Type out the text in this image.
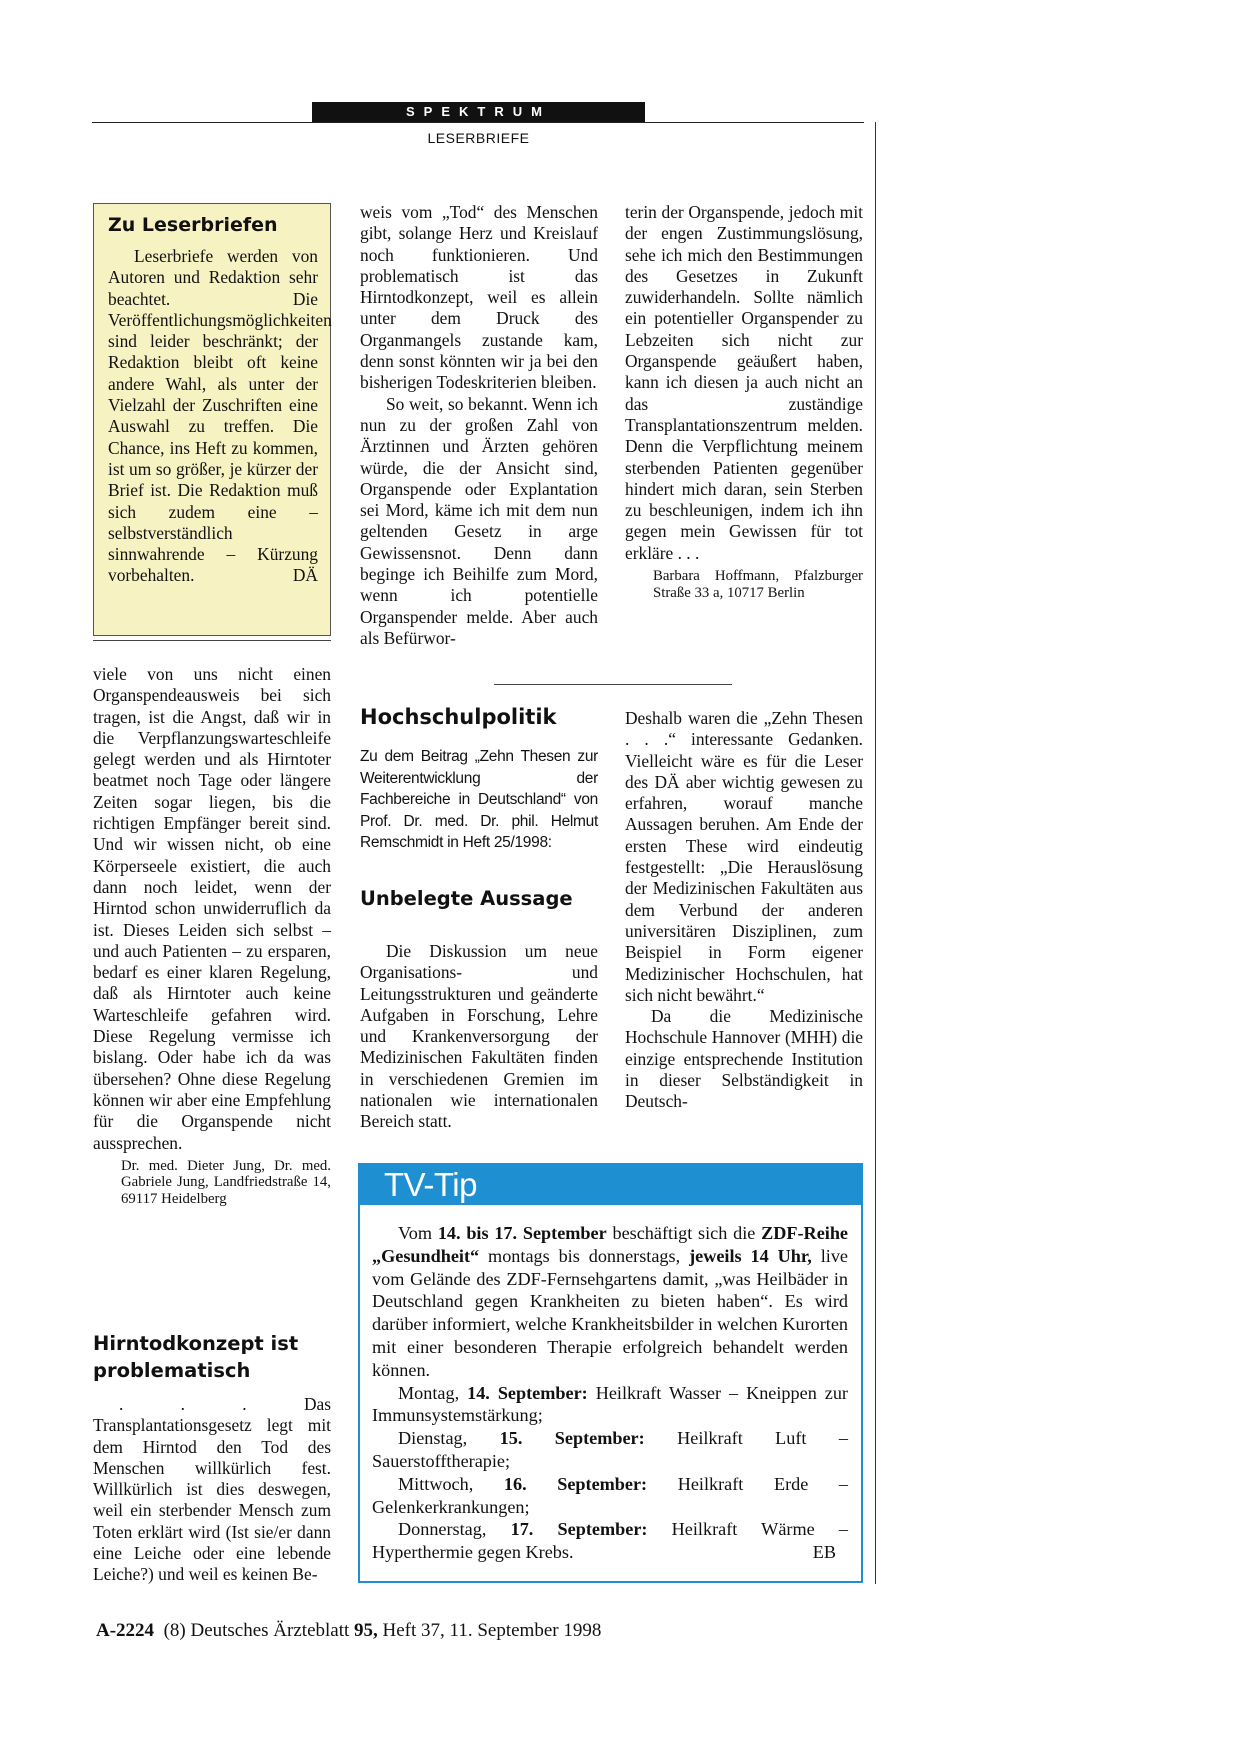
SPEKTRUM
LESERBRIEFE
Zu Leserbriefen

Leserbriefe werden von Autoren und Redaktion sehr beachtet. Die Veröffentlichungsmöglichkeiten sind leider beschränkt; der Redaktion bleibt oft keine andere Wahl, als unter der Vielzahl der Zuschriften eine Auswahl zu treffen. Die Chance, ins Heft zu kommen, ist um so größer, je kürzer der Brief ist. Die Redaktion muß sich zudem eine – selbstverständlich sinnwahrende – Kürzung vorbehalten.	DÄ

viele von uns nicht einen Organspendeausweis bei sich tragen, ist die Angst, daß wir in die Verpflanzungswarteschleife gelegt werden und als Hirntoter beatmet noch Tage oder längere Zeiten sogar liegen, bis die richtigen Empfänger bereit sind. Und wir wissen nicht, ob eine Körperseele existiert, die auch dann noch leidet, wenn der Hirntod schon unwiderruflich da ist. Dieses Leiden sich selbst – und auch Patienten – zu ersparen, bedarf es einer klaren Regelung, daß als Hirntoter auch keine Warteschleife gefahren wird. Diese Regelung vermisse ich bislang. Oder habe ich da was übersehen? Ohne diese Regelung können wir aber eine Empfehlung für die Organspende nicht aussprechen.

Dr. med. Dieter Jung, Dr. med. Gabriele Jung, Landfriedstraße 14, 69117 Heidelberg

Hirntodkonzept ist problematisch

. . . Das Transplantationsgesetz legt mit dem Hirntod den Tod des Menschen willkürlich fest. Willkürlich ist dies deswegen, weil ein sterbender Mensch zum Toten erklärt wird (Ist sie/er dann eine Leiche oder eine lebende Leiche?) und weil es keinen Be-

weis vom „Tod“ des Menschen gibt, solange Herz und Kreislauf noch funktionieren. Und problematisch ist das Hirntodkonzept, weil es allein unter dem Druck des Organmangels zustande kam, denn sonst könnten wir ja bei den bisherigen Todeskriterien bleiben.

So weit, so bekannt. Wenn ich nun zu der großen Zahl von Ärztinnen und Ärzten gehören würde, die der Ansicht sind, Organspende oder Explantation sei Mord, käme ich mit dem nun geltenden Gesetz in arge Gewissensnot. Denn dann beginge ich Beihilfe zum Mord, wenn ich potentielle Organspender melde. Aber auch als Befürwor-

terin der Organspende, jedoch mit der engen Zustimmungslösung, sehe ich mich den Bestimmungen des Gesetzes in Zukunft zuwiderhandeln. Sollte nämlich ein potentieller Organspender zu Lebzeiten sich nicht zur Organspende geäußert haben, kann ich diesen ja auch nicht an das zuständige Transplantationszentrum melden. Denn die Verpflichtung meinem sterbenden Patienten gegenüber hindert mich daran, sein Sterben zu beschleunigen, indem ich ihn gegen mein Gewissen für tot erkläre . . .

Barbara Hoffmann, Pfalzburger Straße 33 a, 10717 Berlin

Hochschulpolitik
Zu dem Beitrag „Zehn Thesen zur Weiterentwicklung der Fachbereiche in Deutschland“ von Prof. Dr. med. Dr. phil. Helmut Remschmidt in Heft 25/1998:
Unbelegte Aussage

Die Diskussion um neue Organisations- und Leitungsstrukturen und geänderte Aufgaben in Forschung, Lehre und Krankenversorgung der Medizinischen Fakultäten finden in verschiedenen Gremien im nationalen wie internationalen Bereich statt.

Deshalb waren die „Zehn Thesen . . .“ interessante Gedanken. Vielleicht wäre es für die Leser des DÄ aber wichtig gewesen zu erfahren, worauf manche Aussagen beruhen. Am Ende der ersten These wird eindeutig festgestellt: „Die Herauslösung der Medizinischen Fakultäten aus dem Verbund der anderen universitären Disziplinen, zum Beispiel in Form eigener Medizinischer Hochschulen, hat sich nicht bewährt.“

Da die Medizinische Hochschule Hannover (MHH) die einzige entsprechende Institution in dieser Selbständigkeit in Deutsch-

TV-Tip

Vom 14. bis 17. September beschäftigt sich die ZDF-Reihe „Gesundheit“ montags bis donnerstags, jeweils 14 Uhr, live vom Gelände des ZDF-Fernsehgartens damit, „was Heilbäder in Deutschland gegen Krankheiten zu bieten haben“. Es wird darüber informiert, welche Krankheitsbilder in welchen Kurorten mit einer besonderen Therapie erfolgreich behandelt werden können.

Montag, 14. September: Heilkraft Wasser – Kneippen zur Immunsystemstärkung;

Dienstag, 15. September: Heilkraft Luft – Sauerstofftherapie;

Mittwoch, 16. September: Heilkraft Erde – Gelenkerkrankungen;

Donnerstag, 17. September: Heilkraft Wärme – Hyperthermie gegen Krebs.	EB

A-2224 (8) Deutsches Ärzteblatt 95, Heft 37, 11. September 1998
